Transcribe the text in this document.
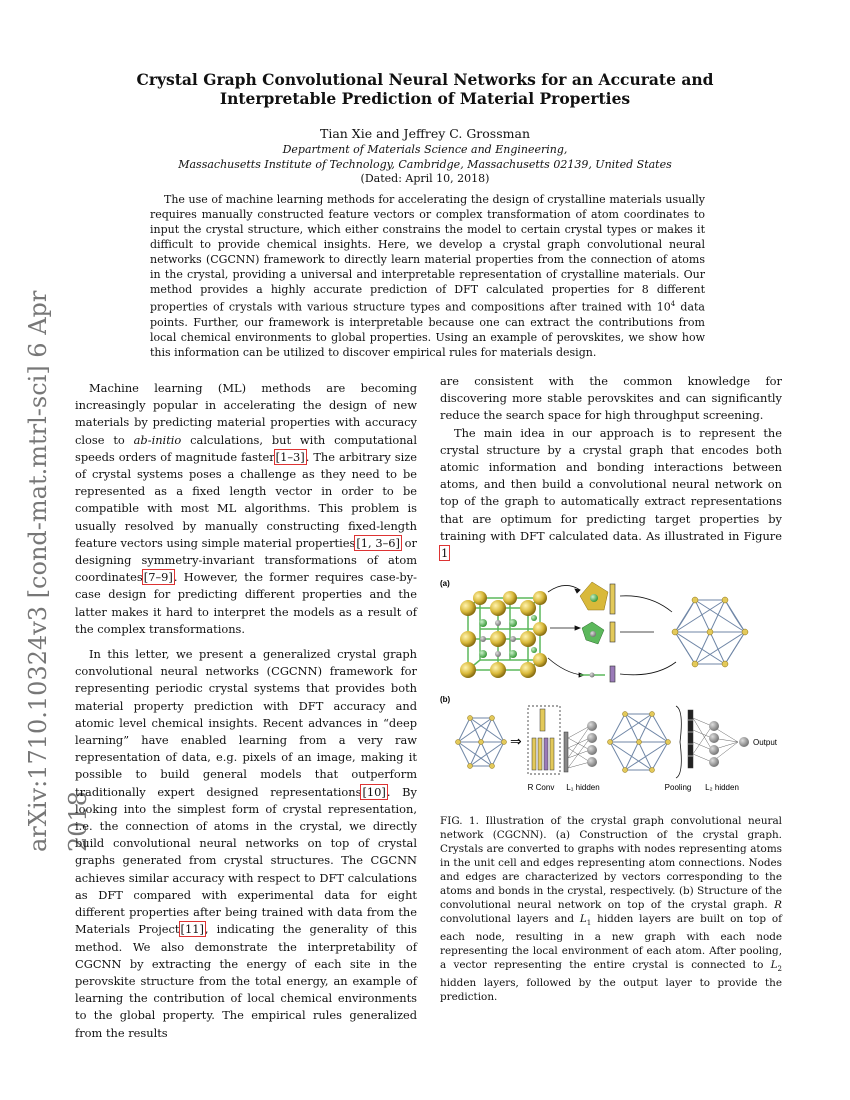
arXiv:1710.10324v3 [cond-mat.mtrl-sci] 6 Apr 2018
Crystal Graph Convolutional Neural Networks for an Accurate and
Interpretable Prediction of Material Properties
Tian Xie and Jeffrey C. Grossman
Department of Materials Science and Engineering,
Massachusetts Institute of Technology, Cambridge, Massachusetts 02139, United States
(Dated: April 10, 2018)
The use of machine learning methods for accelerating the design of crystalline materials usually requires manually constructed feature vectors or complex transformation of atom coordinates to input the crystal structure, which either constrains the model to certain crystal types or makes it difficult to provide chemical insights. Here, we develop a crystal graph convolutional neural networks (CGCNN) framework to directly learn material properties from the connection of atoms in the crystal, providing a universal and interpretable representation of crystalline materials. Our method provides a highly accurate prediction of DFT calculated properties for 8 different properties of crystals with various structure types and compositions after trained with $10^4$ data points. Further, our framework is interpretable because one can extract the contributions from local chemical environments to global properties. Using an example of perovskites, we show how this information can be utilized to discover empirical rules for materials design.

Machine learning (ML) methods are becoming increasingly popular in accelerating the design of new materials by predicting material properties with accuracy close to ab-initio calculations, but with computational speeds orders of magnitude faster[1–3]. The arbitrary size of crystal systems poses a challenge as they need to be represented as a fixed length vector in order to be compatible with most ML algorithms. This problem is usually resolved by manually constructing fixed-length feature vectors using simple material properties[1, 3–6] or designing symmetry-invariant transformations of atom coordinates[7–9]. However, the former requires case-by-case design for predicting different properties and the latter makes it hard to interpret the models as a result of the complex transformations.

In this letter, we present a generalized crystal graph convolutional neural networks (CGCNN) framework for representing periodic crystal systems that provides both material property prediction with DFT accuracy and atomic level chemical insights. Recent advances in “deep learning” have enabled learning from a very raw representation of data, e.g. pixels of an image, making it possible to build general models that outperform traditionally expert designed representations[10]. By looking into the simplest form of crystal representation, i.e. the connection of atoms in the crystal, we directly build convolutional neural networks on top of crystal graphs generated from crystal structures. The CGCNN achieves similar accuracy with respect to DFT calculations as DFT compared with experimental data for eight different properties after being trained with data from the Materials Project[11], indicating the generality of this method. We also demonstrate the interpretability of CGCNN by extracting the energy of each site in the perovskite structure from the total energy, an example of learning the contribution of local chemical environments to the global property. The empirical rules generalized from the results

are consistent with the common knowledge for discovering more stable perovskites and can significantly reduce the search space for high throughput screening.

The main idea in our approach is to represent the crystal structure by a crystal graph that encodes both atomic information and bonding interactions between atoms, and then build a convolutional neural network on top of the graph to automatically extract representations that are optimum for predicting target properties by training with DFT calculated data. As illustrated in Figure 1

(a)
(b)
⇒
R Conv L₁ hidden	Pooling L₂ hidden
Output
FIG. 1. Illustration of the crystal graph convolutional neural network (CGCNN). (a) Construction of the crystal graph. Crystals are converted to graphs with nodes representing atoms in the unit cell and edges representing atom connections. Nodes and edges are characterized by vectors corresponding to the atoms and bonds in the crystal, respectively. (b) Structure of the convolutional neural network on top of the crystal graph. R convolutional layers and $L_1$ hidden layers are built on top of each node, resulting in a new graph with each node representing the local environment of each atom. After pooling, a vector representing the entire crystal is connected to $L_2$ hidden layers, followed by the output layer to provide the prediction.
